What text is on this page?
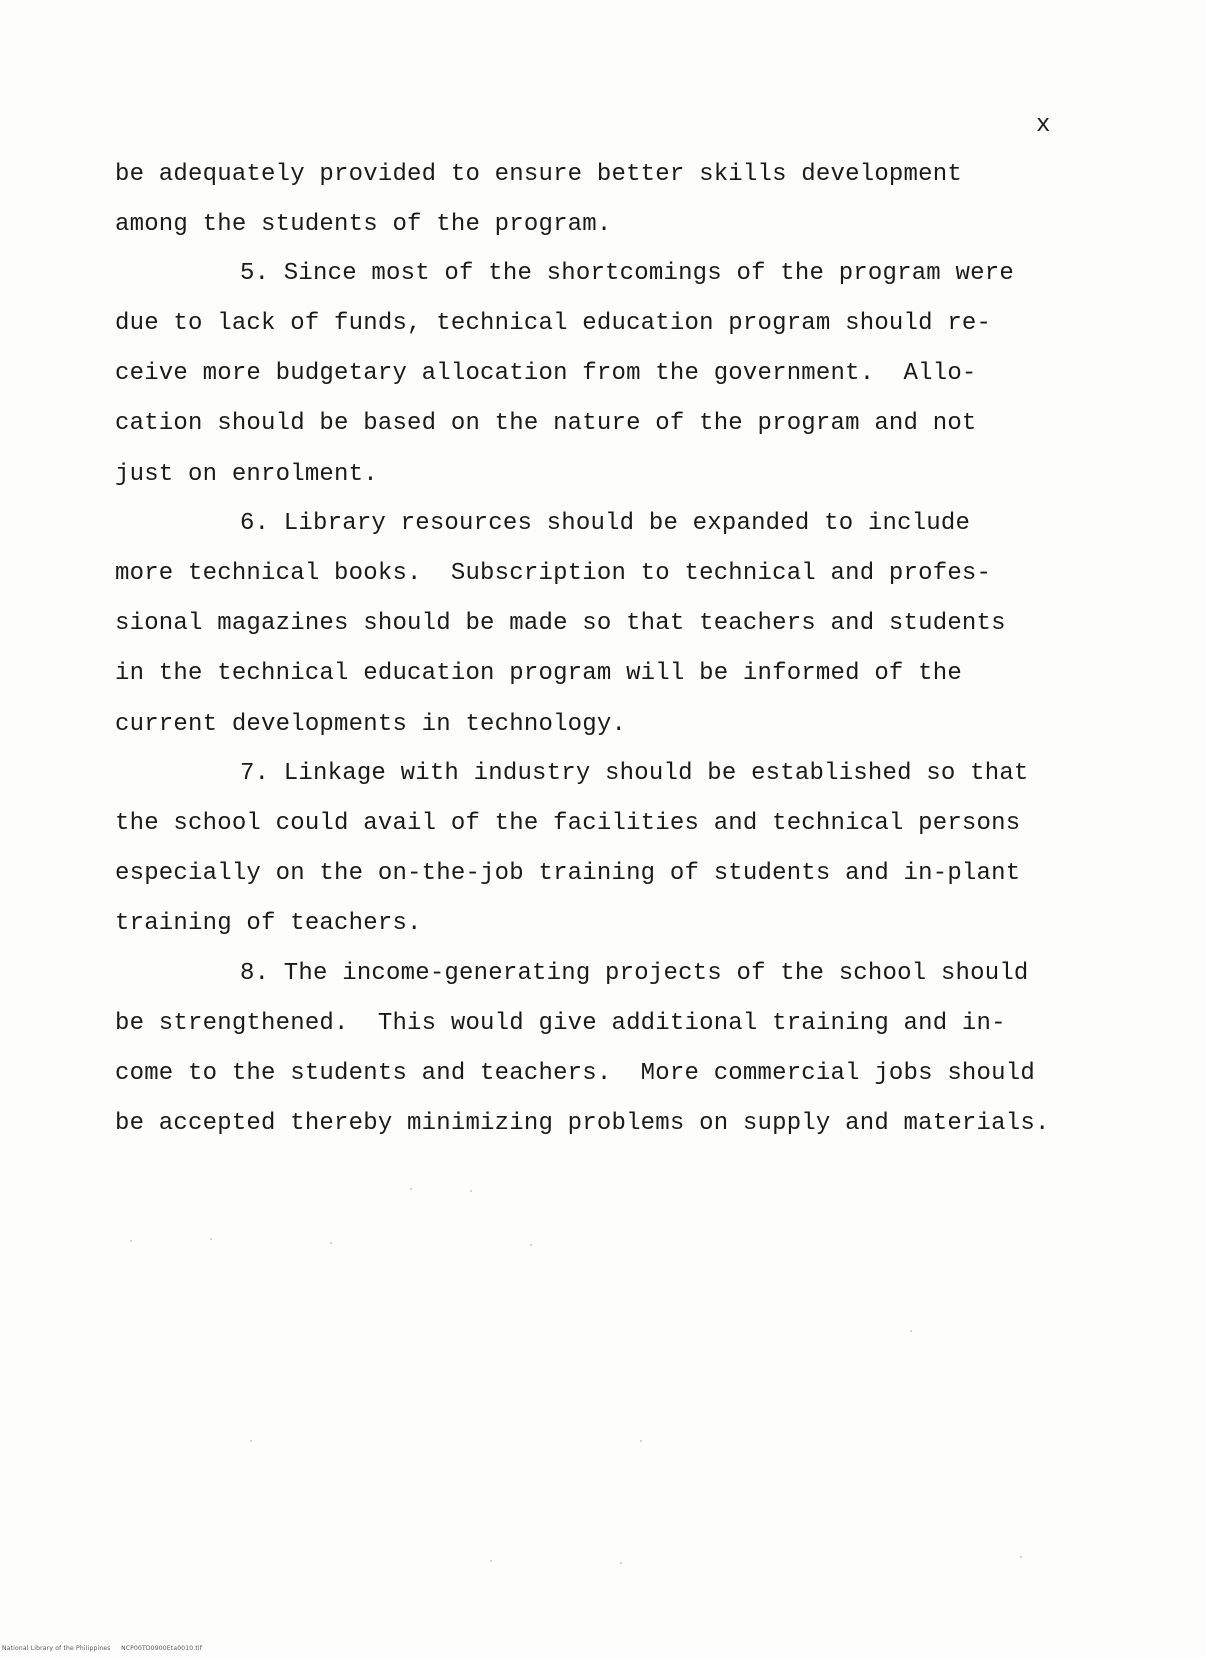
x
be adequately provided to ensure better skills development
among the students of the program.
5. Since most of the shortcomings of the program were
due to lack of funds, technical education program should re-
ceive more budgetary allocation from the government.  Allo-
cation should be based on the nature of the program and not
just on enrolment.
6. Library resources should be expanded to include
more technical books.  Subscription to technical and profes-
sional magazines should be made so that teachers and students
in the technical education program will be informed of the
current developments in technology.
7. Linkage with industry should be established so that
the school could avail of the facilities and technical persons
especially on the on-the-job training of students and in-plant
training of teachers.
8. The income-generating projects of the school should
be strengthened.  This would give additional training and in-
come to the students and teachers.  More commercial jobs should
be accepted thereby minimizing problems on supply and materials.
National Library of the Philippines     NCP00TD0900Eta0010.tif
